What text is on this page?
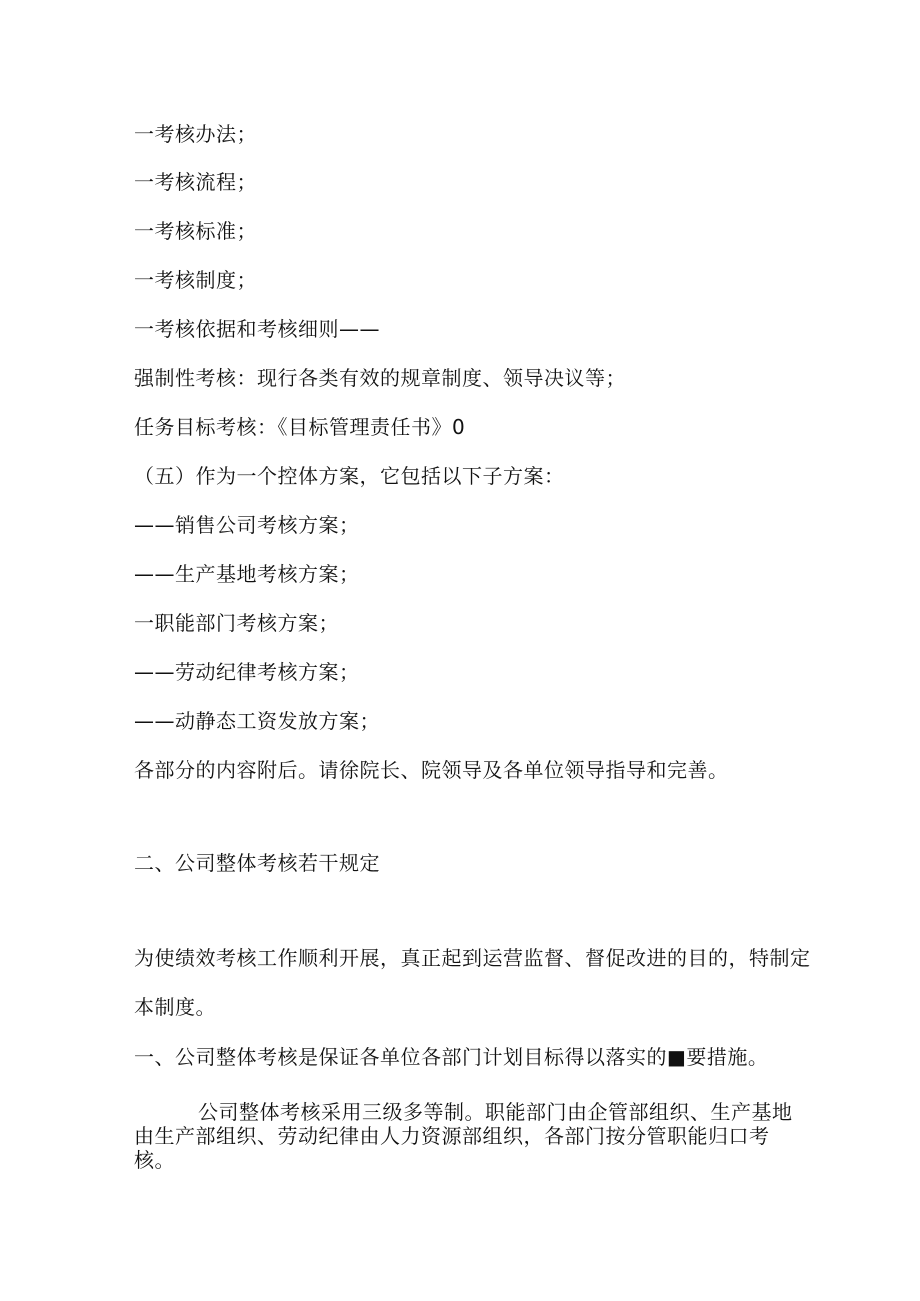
一考核办法；
一考核流程；
一考核标准；
一考核制度；
一考核依据和考核细则——
强制性考核：现行各类有效的规章制度、领导决议等；
任务目标考核：《目标管理责任书》0
（五）作为一个控体方案，它包括以下子方案：
——销售公司考核方案；
——生产基地考核方案；
一职能部门考核方案；
——劳动纪律考核方案；
——动静态工资发放方案；
各部分的内容附后。请徐院长、院领导及各单位领导指导和完善。
二、公司整体考核若干规定
为使绩效考核工作顺利开展，真正起到运营监督、督促改进的目的，特制定
本制度。
一、公司整体考核是保证各单位各部门计划目标得以落实的■要措施。
公司整体考核采用三级多等制。职能部门由企管部组织、生产基地由生产部组织、劳动纪律由人力资源部组织，各部门按分管职能归口考核。
